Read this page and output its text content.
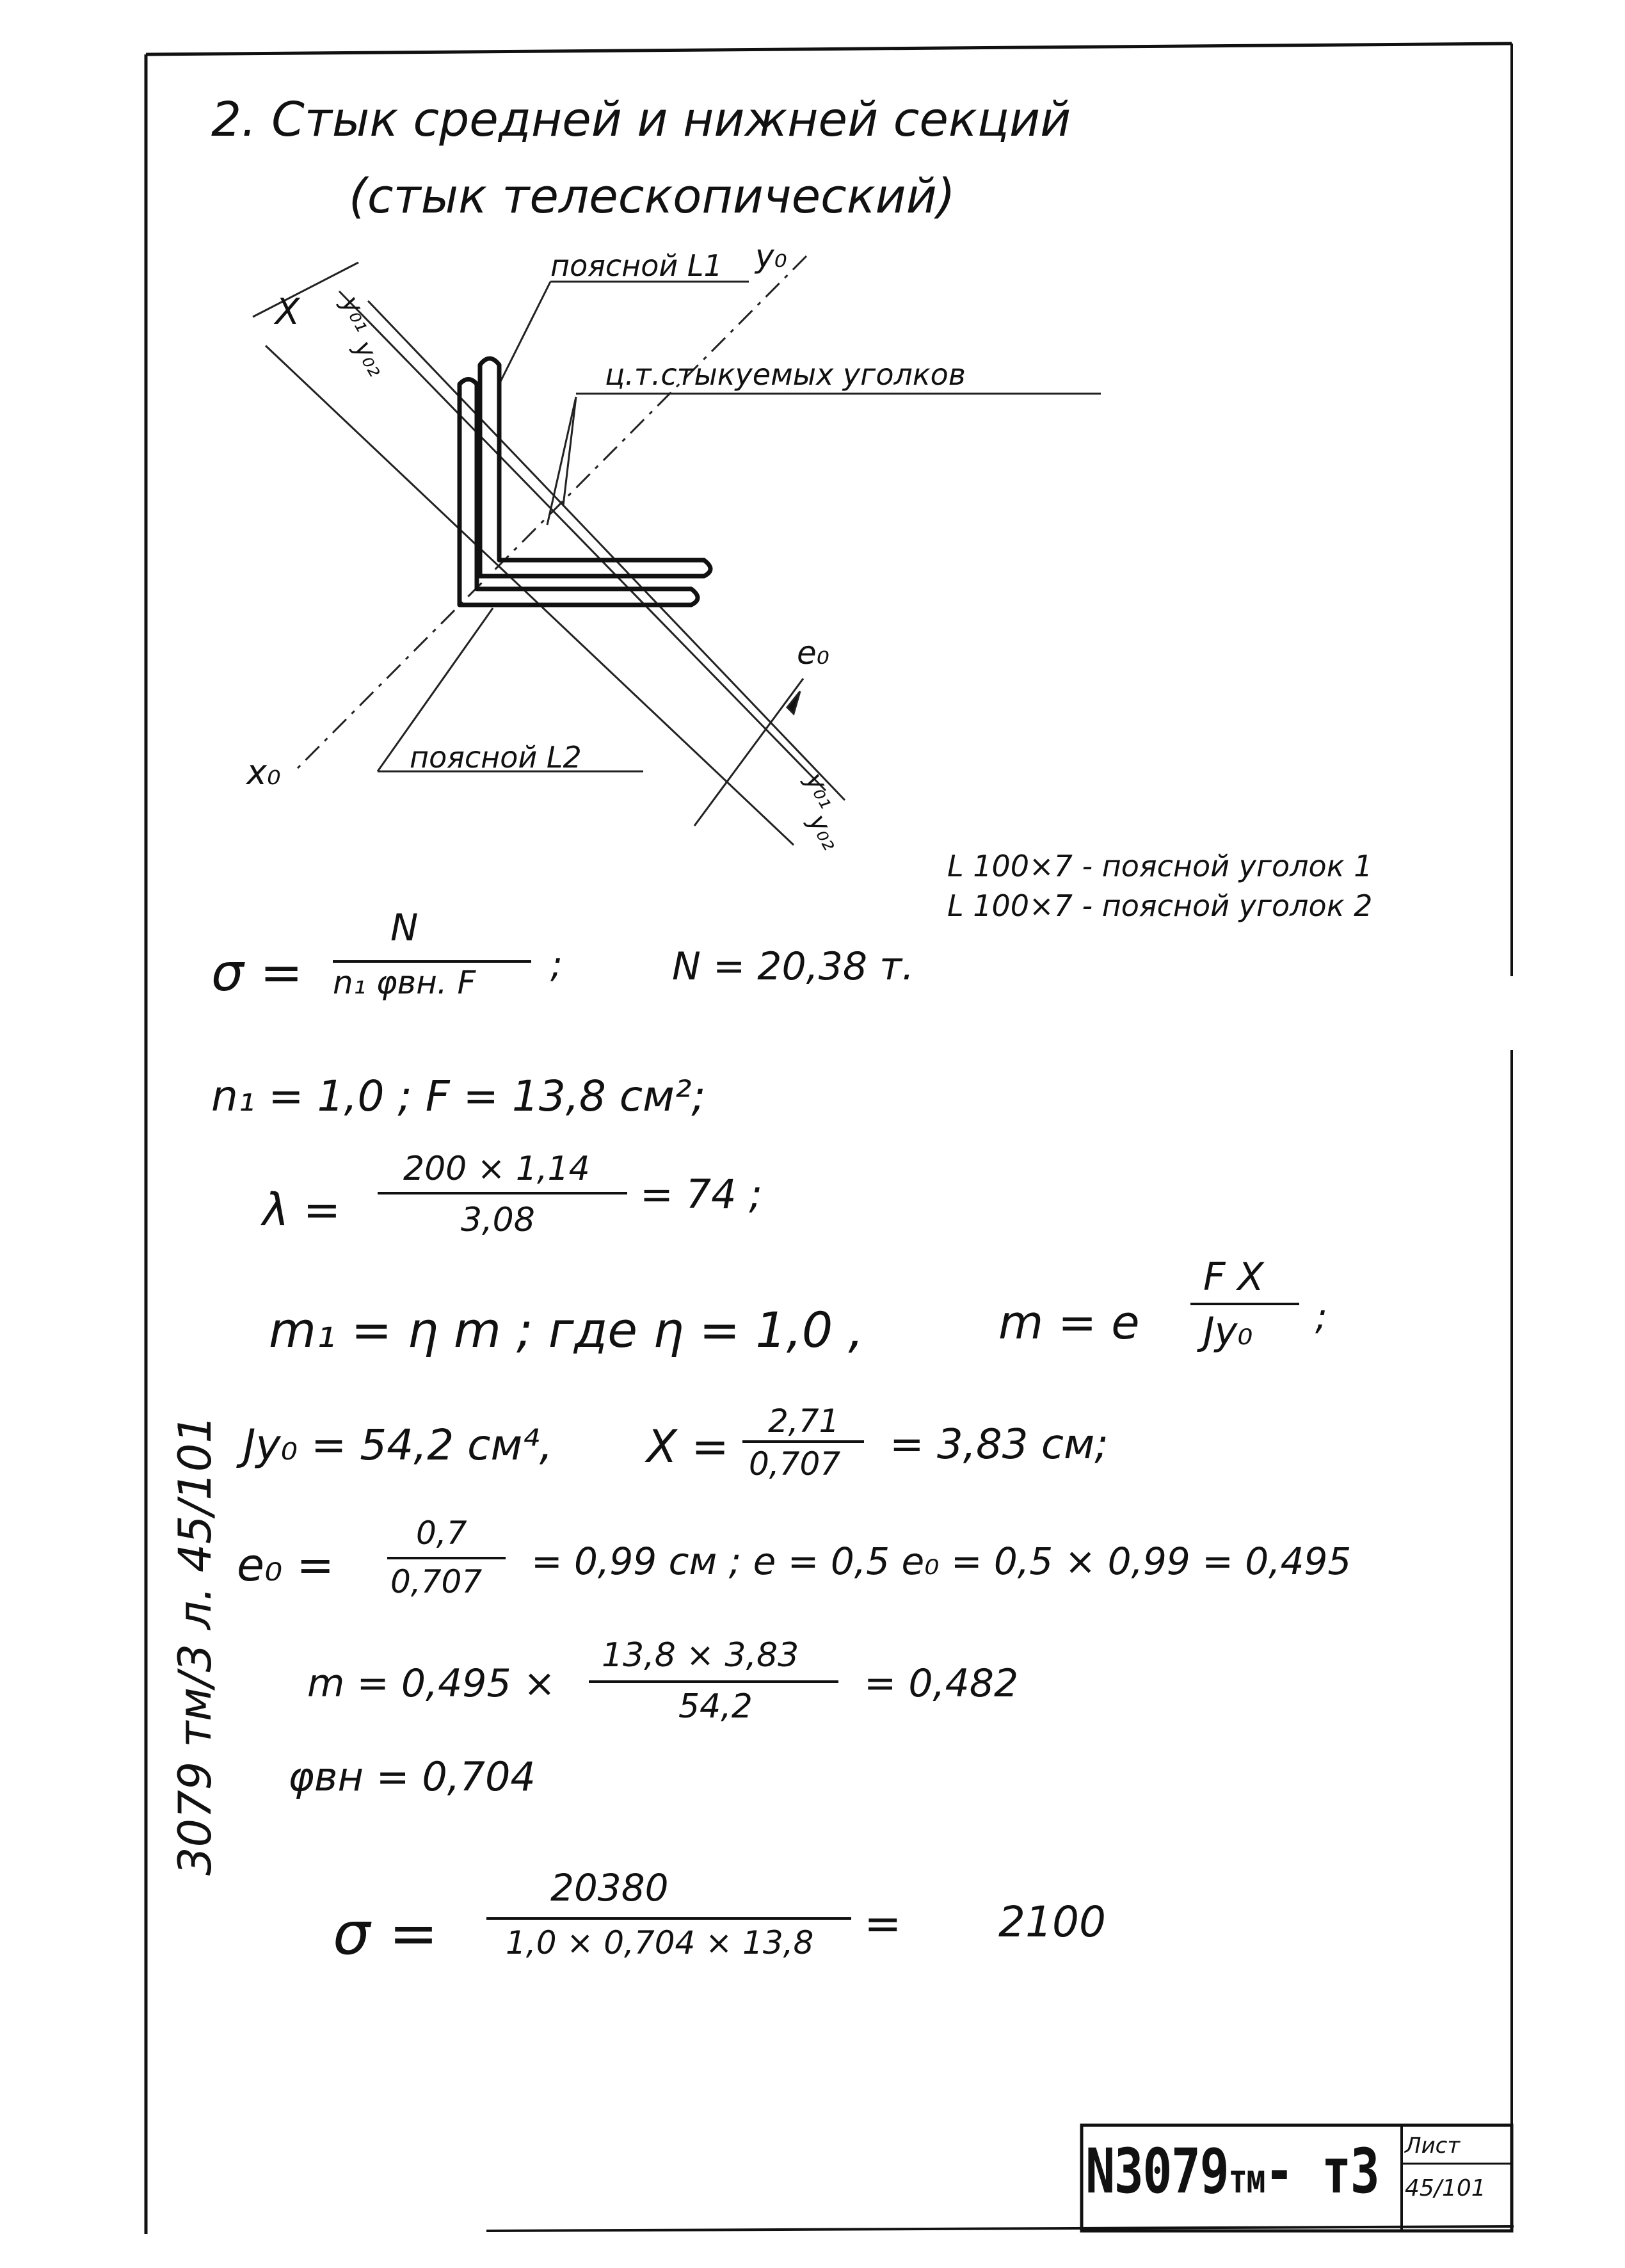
2. Стык средней и нижней секций
(стык телескопический)
поясной L1 y₀
ц.т.стыкуемых уголков
y₀₁
y₀₂
X
e₀
x₀	поясной L2
y₀₁
y₀₂
L 100×7 - поясной уголок 1
L 100×7 - поясной уголок 2
σ =
N
n₁ φвн. F ;	N = 20,38 т.
n₁ = 1,0 ; F = 13,8 см²;
λ =
200 × 1,14
3,08
= 74 ;
m₁ = η m ; где η = 1,0 ,	m = e
F X
Jy₀ ;
Jy₀ = 54,2 см⁴, X = 2,71
0,707 = 3,83 см;
e₀ =
0,7
0,707 = 0,99 см ; e = 0,5 e₀ = 0,5 × 0,99 = 0,495
m = 0,495 ×
13,8 × 3,83
54,2
= 0,482
φвн = 0,704
σ =
20380
1,0 × 0,704 × 13,8 = 2100
3079 тм/3 л. 45/101
N3079тм- т3 Лист
45/101
